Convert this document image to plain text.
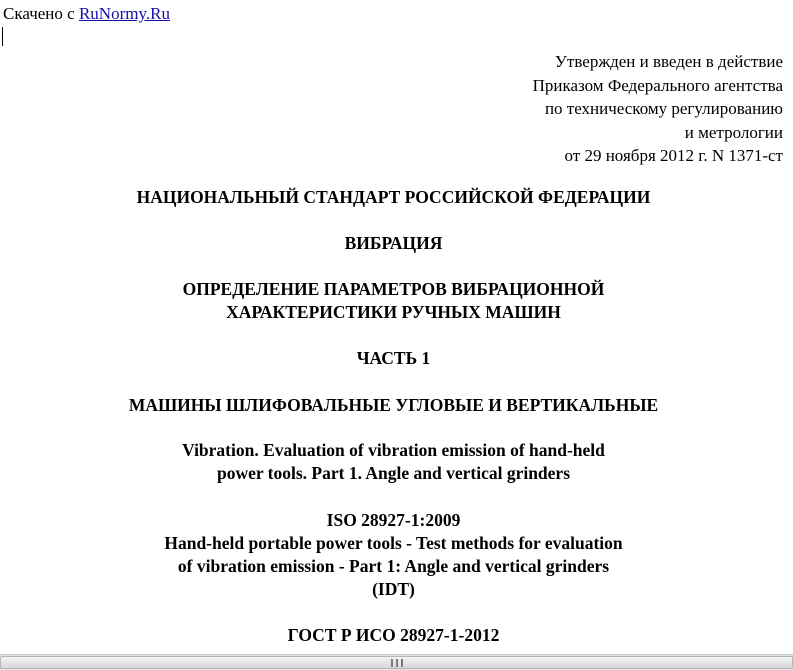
Скачено с RuNormy.Ru
Утвержден и введен в действие
Приказом Федерального агентства
по техническому регулированию
и метрологии
от 29 ноября 2012 г. N 1371-ст
НАЦИОНАЛЬНЫЙ СТАНДАРТ РОССИЙСКОЙ ФЕДЕРАЦИИ
ВИБРАЦИЯ
ОПРЕДЕЛЕНИЕ ПАРАМЕТРОВ ВИБРАЦИОННОЙ
ХАРАКТЕРИСТИКИ РУЧНЫХ МАШИН
ЧАСТЬ 1
МАШИНЫ ШЛИФОВАЛЬНЫЕ УГЛОВЫЕ И ВЕРТИКАЛЬНЫЕ
Vibration. Evaluation of vibration emission of hand-held
power tools. Part 1. Angle and vertical grinders
ISO 28927-1:2009
Hand-held portable power tools - Test methods for evaluation
of vibration emission - Part 1: Angle and vertical grinders
(IDT)
ГОСТ Р ИСО 28927-1-2012
